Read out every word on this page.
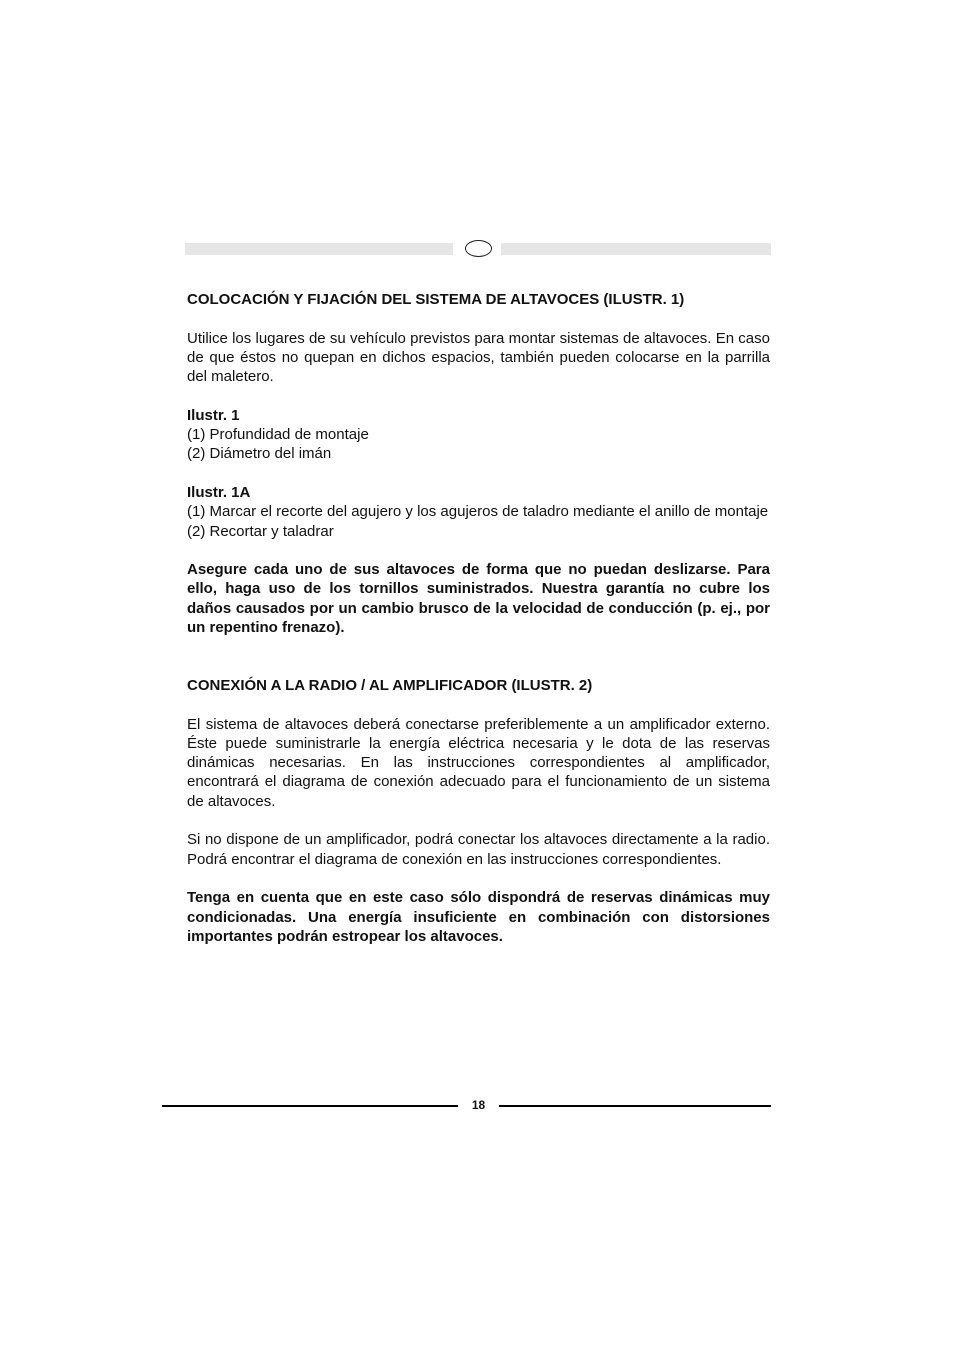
COLOCACIÓN Y FIJACIÓN DEL SISTEMA DE ALTAVOCES (ILUSTR. 1)

Utilice los lugares de su vehículo previstos para montar sistemas de altavoces. En caso de que éstos no quepan en dichos espacios, también pueden colocarse en la parrilla del maletero.

Ilustr. 1

(1) Profundidad de montaje

(2) Diámetro del imán

Ilustr. 1A

(1) Marcar el recorte del agujero y los agujeros de taladro mediante el anillo de montaje

(2) Recortar y taladrar

Asegure cada uno de sus altavoces de forma que no puedan deslizarse. Para ello, haga uso de los tornillos suministrados. Nuestra garantía no cubre los daños causados por un cambio brusco de la velocidad de conducción (p. ej., por un repentino frenazo).

CONEXIÓN A LA RADIO / AL AMPLIFICADOR (ILUSTR. 2)

El sistema de altavoces deberá conectarse preferiblemente a un amplificador externo. Éste puede suministrarle la energía eléctrica necesaria y le dota de las reservas dinámicas necesarias. En las instrucciones correspondientes al amplificador, encontrará el diagrama de conexión adecuado para el funcionamiento de un sistema de altavoces.

Si no dispone de un amplificador, podrá conectar los altavoces directamente a la radio. Podrá encontrar el diagrama de conexión en las instrucciones correspondientes.

Tenga en cuenta que en este caso sólo dispondrá de reservas dinámicas muy condicionadas. Una energía insuficiente en combinación con distorsiones importantes podrán estropear los altavoces.

18
